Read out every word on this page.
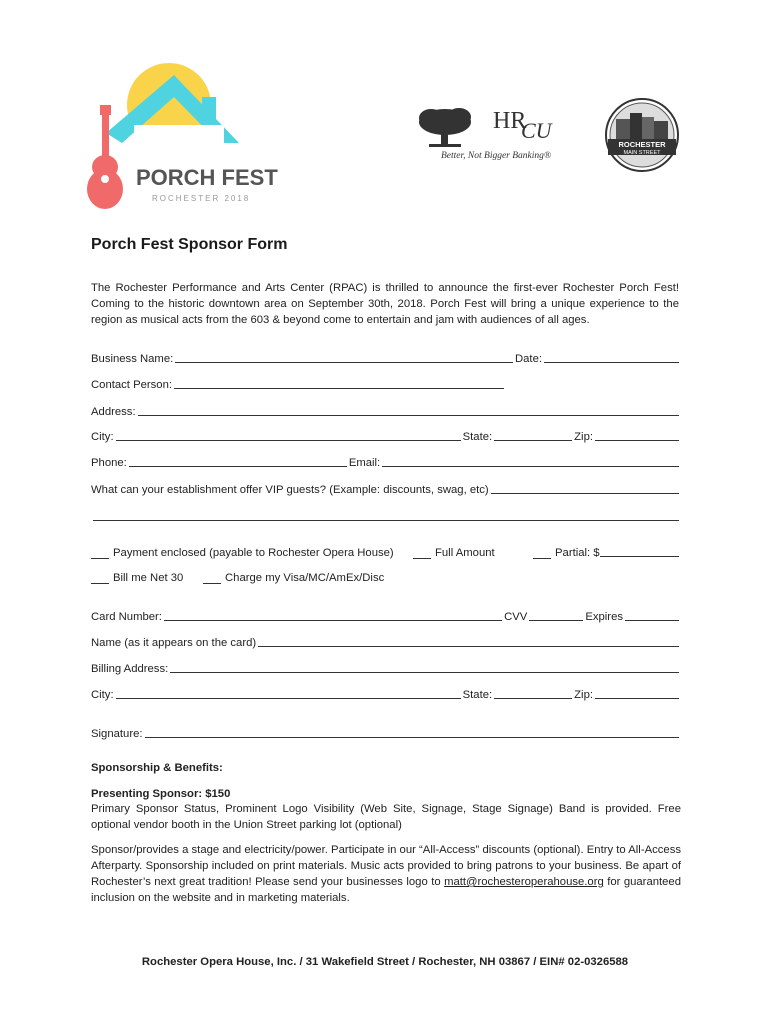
PORCH FEST
ROCHESTER 2018
HR
CU
Better, Not Bigger Banking®
ROCHESTER
MAIN STREET
Porch Fest Sponsor Form
The Rochester Performance and Arts Center (RPAC) is thrilled to announce the first-ever Rochester Porch Fest! Coming to the historic downtown area on September 30th, 2018. Porch Fest will bring a unique experience to the region as musical acts from the 603 & beyond come to entertain and jam with audiences of all ages.
Business Name:	Date:
Contact Person:
Address:
City:	State:	Zip:
Phone:	Email:
What can your establishment offer VIP guests? (Example: discounts, swag, etc)
Payment enclosed (payable to Rochester Opera House)	Full Amount	Partial: $
Bill me Net 30	Charge my Visa/MC/AmEx/Disc
Card Number:	CVV	Expires
Name (as it appears on the card)
Billing Address:
City:	State:	Zip:
Signature:
Sponsorship & Benefits:
Presenting Sponsor: $150
Primary Sponsor Status, Prominent Logo Visibility (Web Site, Signage, Stage Signage) Band is provided. Free optional vendor booth in the Union Street parking lot (optional)
Sponsor/provides a stage and electricity/power. Participate in our “All-Access” discounts (optional). Entry to All-Access Afterparty. Sponsorship included on print materials. Music acts provided to bring patrons to your business. Be apart of Rochester’s next great tradition! Please send your businesses logo to matt@rochesteroperahouse.org for guaranteed inclusion on the website and in marketing materials.
Rochester Opera House, Inc. / 31 Wakefield Street / Rochester, NH 03867 / EIN# 02-0326588
